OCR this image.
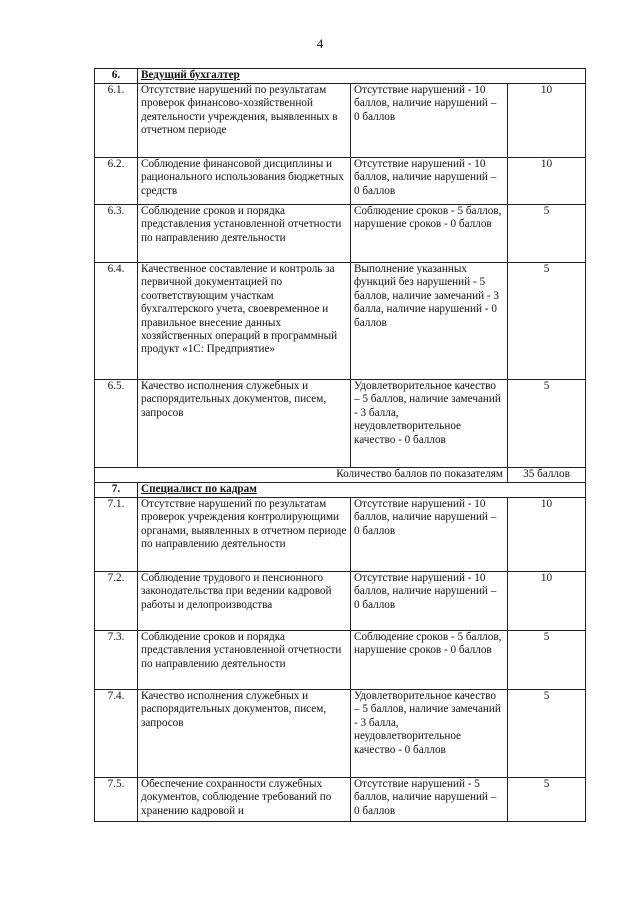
4
6.	Ведущий бухгалтер		
6.1.	Отсутствие нарушений по результатам проверок финансово-хозяйственной деятельности учреждения, выявленных в отчетном периоде	Отсутствие нарушений - 10 баллов, наличие нарушений – 0 баллов	10
6.2.	Соблюдение финансовой дисциплины и рационального использования бюджетных средств	Отсутствие нарушений - 10 баллов, наличие нарушений – 0 баллов	10
6.3.	Соблюдение сроков и порядка представления установленной отчетности по направлению деятельности	Соблюдение сроков - 5 баллов, нарушение сроков - 0 баллов	5
6.4.	Качественное составление и контроль за первичной документацией по соответствующим участкам бухгалтерского учета, своевременное и правильное внесение данных хозяйственных операций в программный продукт «1С: Предприятие»	Выполнение указанных функций без нарушений - 5 баллов, наличие замечаний - 3 балла, наличие нарушений - 0 баллов	5
6.5.	Качество исполнения служебных и распорядительных документов, писем, запросов	Удовлетворительное качество – 5 баллов, наличие замечаний - 3 балла, неудовлетворительное качество - 0 баллов	5
Количество баллов по показателям			35 баллов
7.	Специалист по кадрам		
7.1.	Отсутствие нарушений по результатам проверок учреждения контролирующими органами, выявленных в отчетном периоде по направлению деятельности	Отсутствие нарушений - 10 баллов, наличие нарушений – 0 баллов	10
7.2.	Соблюдение трудового и пенсионного законодательства при ведении кадровой работы и делопроизводства	Отсутствие нарушений - 10 баллов, наличие нарушений – 0 баллов	10
7.3.	Соблюдение сроков и порядка представления установленной отчетности по направлению деятельности	Соблюдение сроков - 5 баллов, нарушение сроков - 0 баллов	5
7.4.	Качество исполнения служебных и распорядительных документов, писем, запросов	Удовлетворительное качество – 5 баллов, наличие замечаний - 3 балла, неудовлетворительное качество - 0 баллов	5
7.5.	Обеспечение сохранности служебных документов, соблюдение требований по хранению кадровой и	Отсутствие нарушений - 5 баллов, наличие нарушений – 0 баллов	5
